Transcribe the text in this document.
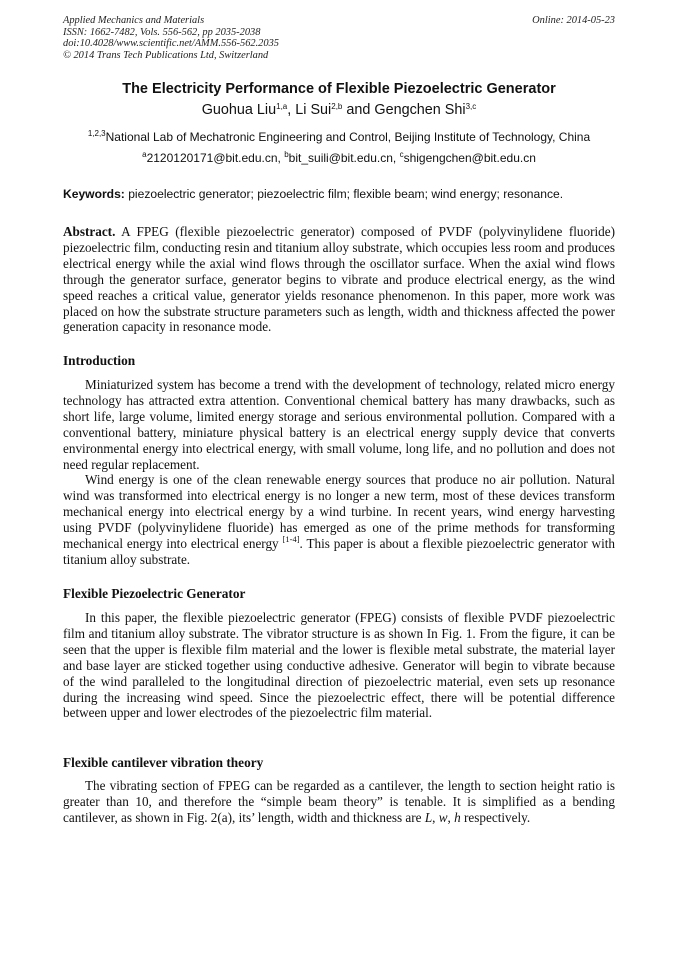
Applied Mechanics and Materials
ISSN: 1662-7482, Vols. 556-562, pp 2035-2038
doi:10.4028/www.scientific.net/AMM.556-562.2035
© 2014 Trans Tech Publications Ltd, Switzerland
Online: 2014-05-23
The Electricity Performance of Flexible Piezoelectric Generator
Guohua Liu$^{1,a}$, Li Sui$^{2,b}$ and Gengchen Shi$^{3,c}$
$^{1,2,3}$National Lab of Mechatronic Engineering and Control, Beijing Institute of Technology, China
$^a$2120120171@bit.edu.cn, $^b$bit_suili@bit.edu.cn, $^c$shigengchen@bit.edu.cn
Keywords: piezoelectric generator; piezoelectric film; flexible beam; wind energy; resonance.

Abstract. A FPEG (flexible piezoelectric generator) composed of PVDF (polyvinylidene fluoride) piezoelectric film, conducting resin and titanium alloy substrate, which occupies less room and produces electrical energy while the axial wind flows through the oscillator surface. When the axial wind flows through the generator surface, generator begins to vibrate and produce electrical energy, as the wind speed reaches a critical value, generator yields resonance phenomenon. In this paper, more work was placed on how the substrate structure parameters such as length, width and thickness affected the power generation capacity in resonance mode.

Introduction

Miniaturized system has become a trend with the development of technology, related micro energy technology has attracted extra attention. Conventional chemical battery has many drawbacks, such as short life, large volume, limited energy storage and serious environmental pollution. Compared with a conventional battery, miniature physical battery is an electrical energy supply device that converts environmental energy into electrical energy, with small volume, long life, and no pollution and does not need regular replacement.

Wind energy is one of the clean renewable energy sources that produce no air pollution. Natural wind was transformed into electrical energy is no longer a new term, most of these devices transform mechanical energy into electrical energy by a wind turbine. In recent years, wind energy harvesting using PVDF (polyvinylidene fluoride) has emerged as one of the prime methods for transforming mechanical energy into electrical energy [1-4]. This paper is about a flexible piezoelectric generator with titanium alloy substrate.

Flexible Piezoelectric Generator

In this paper, the flexible piezoelectric generator (FPEG) consists of flexible PVDF piezoelectric film and titanium alloy substrate. The vibrator structure is as shown In Fig. 1. From the figure, it can be seen that the upper is flexible film material and the lower is flexible metal substrate, the material layer and base layer are sticked together using conductive adhesive. Generator will begin to vibrate because of the wind paralleled to the longitudinal direction of piezoelectric material, even sets up resonance during the increasing wind speed. Since the piezoelectric effect, there will be potential difference between upper and lower electrodes of the piezoelectric film material.

Flexible cantilever vibration theory

The vibrating section of FPEG can be regarded as a cantilever, the length to section height ratio is greater than 10, and therefore the “simple beam theory” is tenable. It is simplified as a bending cantilever, as shown in Fig. 2(a), its’ length, width and thickness are L, w, h respectively.
